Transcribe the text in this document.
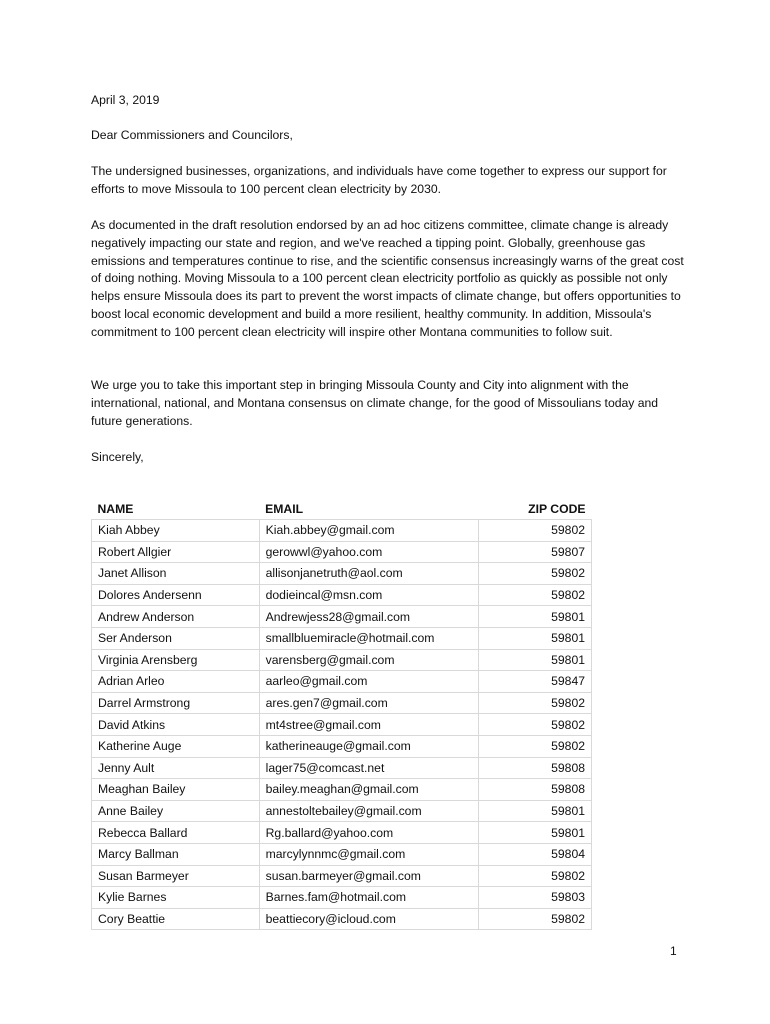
April 3, 2019

Dear Commissioners and Councilors,

The undersigned businesses, organizations, and individuals have come together to express our support for efforts to move Missoula to 100 percent clean electricity by 2030.

As documented in the draft resolution endorsed by an ad hoc citizens committee, climate change is already negatively impacting our state and region, and we've reached a tipping point. Globally, greenhouse gas emissions and temperatures continue to rise, and the scientific consensus increasingly warns of the great cost of doing nothing. Moving Missoula to a 100 percent clean electricity portfolio as quickly as possible not only helps ensure Missoula does its part to prevent the worst impacts of climate change, but offers opportunities to boost local economic development and build a more resilient, healthy community. In addition, Missoula's commitment to 100 percent clean electricity will inspire other Montana communities to follow suit.

We urge you to take this important step in bringing Missoula County and City into alignment with the international, national, and Montana consensus on climate change, for the good of Missoulians today and future generations.

Sincerely,

NAME	EMAIL	ZIP CODE
Kiah Abbey	Kiah.abbey@gmail.com	59802
Robert Allgier	gerowwl@yahoo.com	59807
Janet Allison	allisonjanetruth@aol.com	59802
Dolores Andersenn	dodieincal@msn.com	59802
Andrew Anderson	Andrewjess28@gmail.com	59801
Ser Anderson	smallbluemiracle@hotmail.com	59801
Virginia Arensberg	varensberg@gmail.com	59801
Adrian Arleo	aarleo@gmail.com	59847
Darrel Armstrong	ares.gen7@gmail.com	59802
David Atkins	mt4stree@gmail.com	59802
Katherine Auge	katherineauge@gmail.com	59802
Jenny Ault	lager75@comcast.net	59808
Meaghan Bailey	bailey.meaghan@gmail.com	59808
Anne Bailey	annestoltebailey@gmail.com	59801
Rebecca Ballard	Rg.ballard@yahoo.com	59801
Marcy Ballman	marcylynnmc@gmail.com	59804
Susan Barmeyer	susan.barmeyer@gmail.com	59802
Kylie Barnes	Barnes.fam@hotmail.com	59803
Cory Beattie	beattiecory@icloud.com	59802
1
